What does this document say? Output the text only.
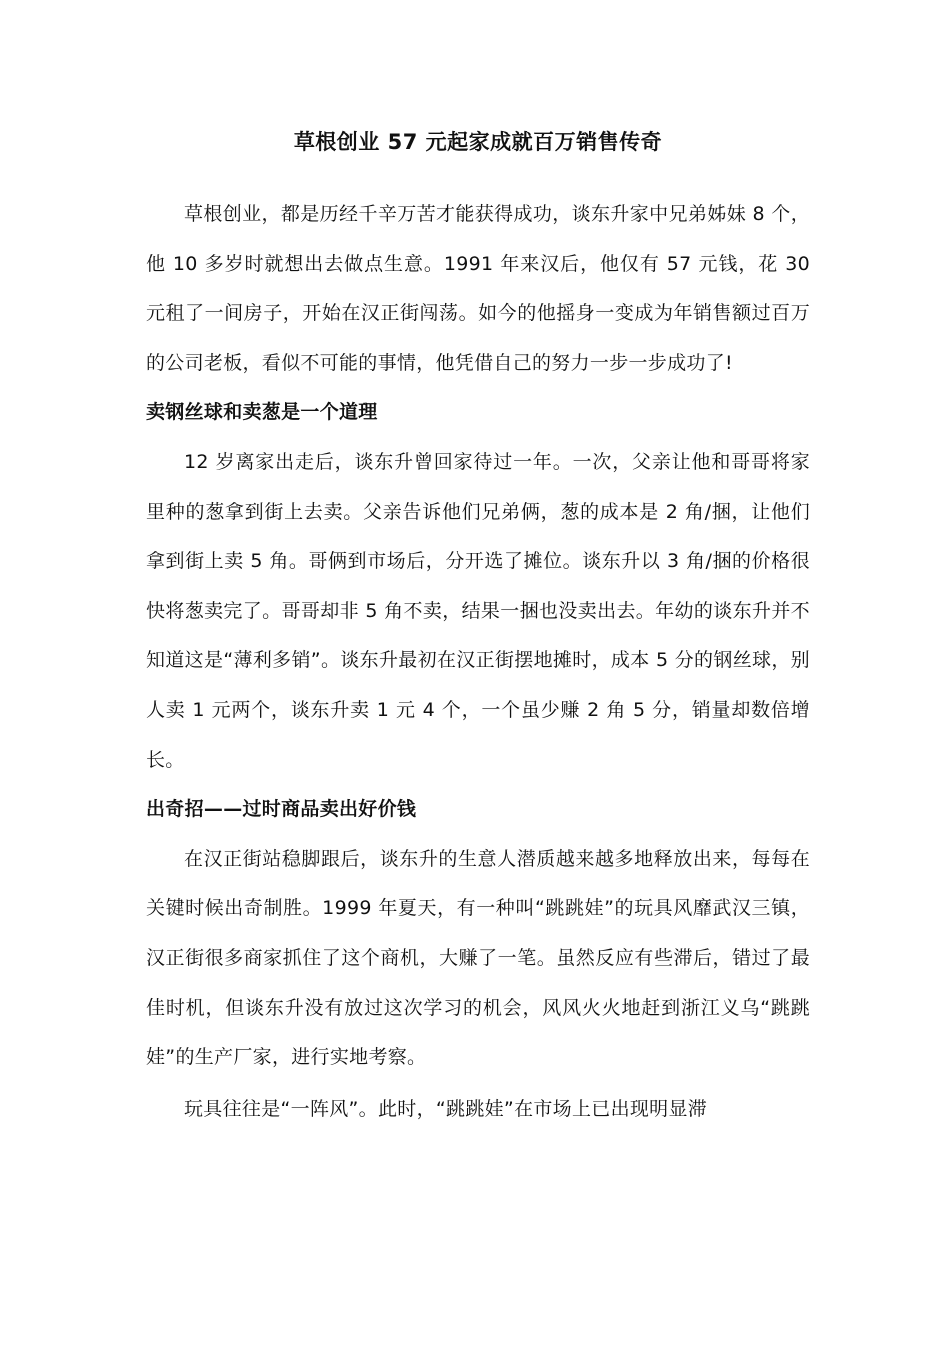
草根创业 57 元起家成就百万销售传奇

草根创业，都是历经千辛万苦才能获得成功，谈东升家中兄弟姊妹 8 个，他 10 多岁时就想出去做点生意。1991 年来汉后，他仅有 57 元钱，花 30 元租了一间房子，开始在汉正街闯荡。如今的他摇身一变成为年销售额过百万的公司老板，看似不可能的事情，他凭借自己的努力一步一步成功了!

卖钢丝球和卖葱是一个道理

12 岁离家出走后，谈东升曾回家待过一年。一次，父亲让他和哥哥将家里种的葱拿到街上去卖。父亲告诉他们兄弟俩，葱的成本是 2 角/捆，让他们拿到街上卖 5 角。哥俩到市场后，分开选了摊位。谈东升以 3 角/捆的价格很快将葱卖完了。哥哥却非 5 角不卖，结果一捆也没卖出去。年幼的谈东升并不知道这是“薄利多销”。谈东升最初在汉正街摆地摊时，成本 5 分的钢丝球，别人卖 1 元两个，谈东升卖 1 元 4 个，一个虽少赚 2 角 5 分，销量却数倍增长。

出奇招——过时商品卖出好价钱

在汉正街站稳脚跟后，谈东升的生意人潜质越来越多地释放出来，每每在关键时候出奇制胜。1999 年夏天，有一种叫“跳跳娃”的玩具风靡武汉三镇，汉正街很多商家抓住了这个商机，大赚了一笔。虽然反应有些滞后，错过了最佳时机，但谈东升没有放过这次学习的机会，风风火火地赶到浙江义乌“跳跳娃”的生产厂家，进行实地考察。

玩具往往是“一阵风”。此时，“跳跳娃”在市场上已出现明显滞
